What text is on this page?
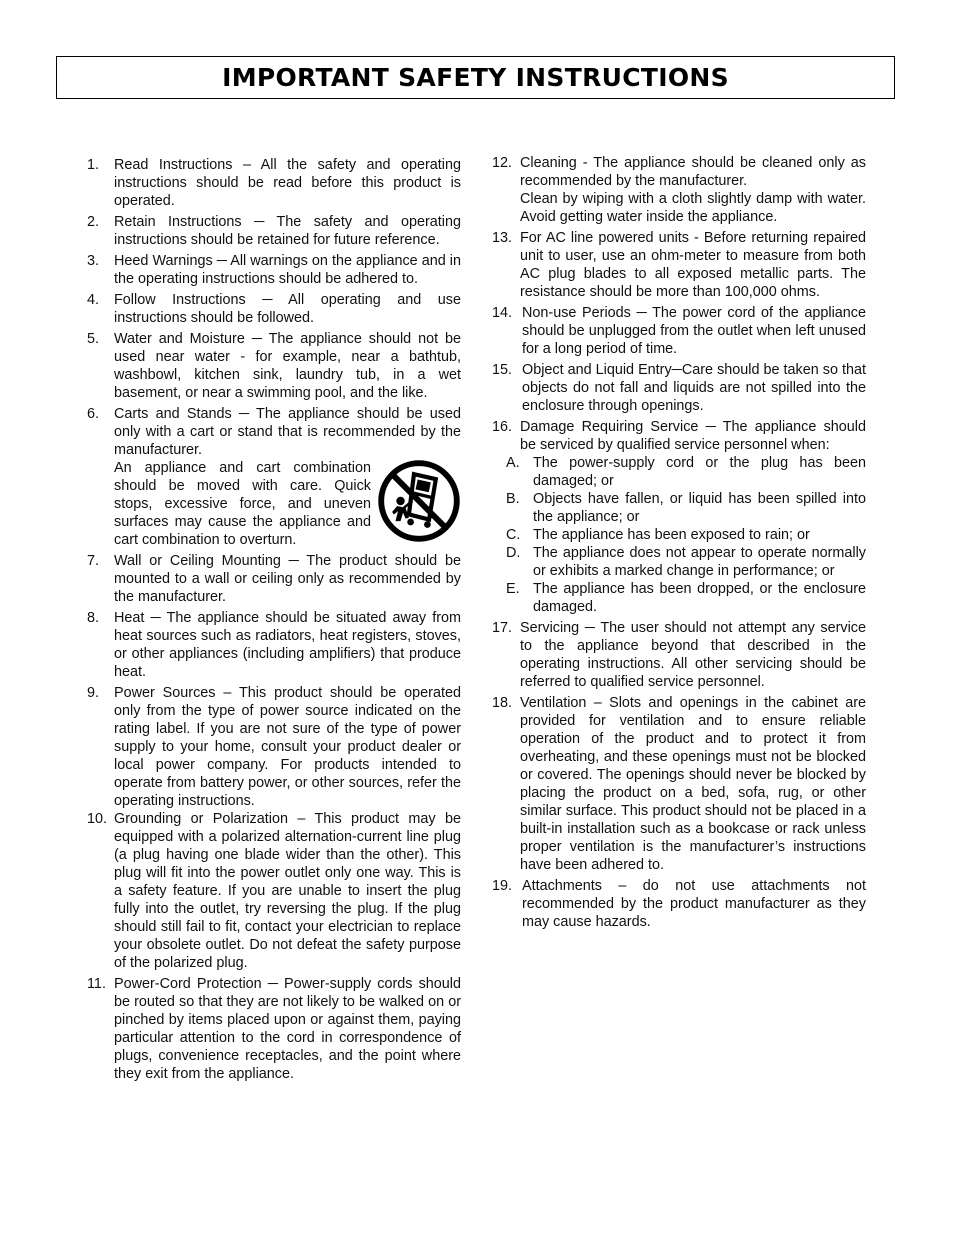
IMPORTANT SAFETY INSTRUCTIONS
1.	Read Instructions – All the safety and operating instructions should be read before this product is operated.

2.	Retain Instructions ─ The safety and operating instructions should be retained for future reference.

3.	Heed Warnings ─ All warnings on the appliance and in the operating instructions should be adhered to.

4.	Follow Instructions ─ All operating and use instructions should be followed.

5.	Water and Moisture ─ The appliance should not be used near water - for example, near a bathtub, washbowl, kitchen sink, laundry tub, in a wet basement, or near a swimming pool, and the like.

6.	Carts and Stands ─ The appliance should be used only with a cart or stand that is recommended by the manufacturer.

An appliance and cart combination should be moved with care. Quick stops, excessive force, and uneven surfaces may cause the appliance and cart combination to overturn.

7.	Wall or Ceiling Mounting ─ The product should be mounted to a wall or ceiling only as recommended by the manufacturer.

8.	Heat ─ The appliance should be situated away from heat sources such as radiators, heat registers, stoves, or other appliances (including amplifiers) that produce heat.

9.	Power Sources – This product should be operated only from the type of power source indicated on the rating label. If you are not sure of the type of power supply to your home, consult your product dealer or local power company. For products intended to operate from battery power, or other sources, refer the operating instructions.

10. Grounding or Polarization – This product may be equipped with a polarized alternation-current line plug (a plug having one blade wider than the other). This plug will fit into the power outlet only one way. This is a safety feature. If you are unable to insert the plug fully into the outlet, try reversing the plug. If the plug should still fail to fit, contact your electrician to replace your obsolete outlet. Do not defeat the safety purpose of the polarized plug.

11. Power-Cord Protection ─ Power-supply cords should be routed so that they are not likely to be walked on or pinched by items placed upon or against them, paying particular attention to the cord in correspondence of plugs, convenience receptacles, and the point where they exit from the appliance.

12. Cleaning - The appliance should be cleaned only as recommended by the manufacturer.

Clean by wiping with a cloth slightly damp with water. Avoid getting water inside the appliance.

13. For AC line powered units - Before returning repaired unit to user, use an ohm-meter to measure from both AC plug blades to all exposed metallic parts. The resistance should be more than 100,000 ohms.

14. Non-use Periods ─ The power cord of the appliance should be unplugged from the outlet when left unused for a long period of time.

15. Object and Liquid Entry─Care should be taken so that objects do not fall and liquids are not spilled into the enclosure through openings.

16. Damage Requiring Service ─ The appliance should be serviced by qualified service personnel when:

A. The power-supply cord or the plug has been damaged; or
B. Objects have fallen, or liquid has been spilled into the appliance; or
C. The appliance has been exposed to rain; or
D. The appliance does not appear to operate normally or exhibits a marked change in performance; or
E. The appliance has been dropped, or the enclosure damaged.
17. Servicing ─ The user should not attempt any service to the appliance beyond that described in the operating instructions. All other servicing should be referred to qualified service personnel.

18. Ventilation – Slots and openings in the cabinet are provided for ventilation and to ensure reliable operation of the product and to protect it from overheating, and these openings must not be blocked or covered. The openings should never be blocked by placing the product on a bed, sofa, rug, or other similar surface. This product should not be placed in a built-in installation such as a bookcase or rack unless proper ventilation is the manufacturer’s instructions have been adhered to.

19. Attachments – do not use attachments not recommended by the product manufacturer as they may cause hazards.
